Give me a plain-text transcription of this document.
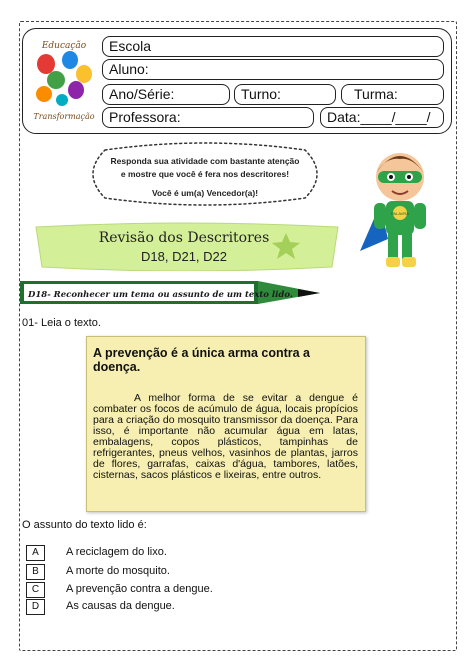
Educação
Transformação
Escola
Aluno:
Ano/Série:	Turno:	Turma:
Professora:	Data:____/____/
Responda sua atividade com bastante atenção
e mostre que você é fera nos descritores!
Você é um(a) Vencedor(a)!
Revisão dos Descritores
D18, D21, D22
D18- Reconhecer um tema ou assunto de um texto lido.
PALAVRA
01- Leia o texto.
A prevenção é a única arma contra a doença.
A melhor forma de se evitar a dengue é combater os focos de acúmulo de água, locais propícios para a criação do mosquito transmissor da doença. Para isso, é importante não acumular água em latas, embalagens, copos plásticos, tampinhas de refrigerantes, pneus velhos, vasinhos de plantas, jarros de flores, garrafas, caixas d'água, tambores, latões, cisternas, sacos plásticos e lixeiras, entre outros.
O assunto do texto lido é:
A	A reciclagem do lixo.
B	A morte do mosquito.
C	A prevenção contra a dengue.
D	As causas da dengue.
